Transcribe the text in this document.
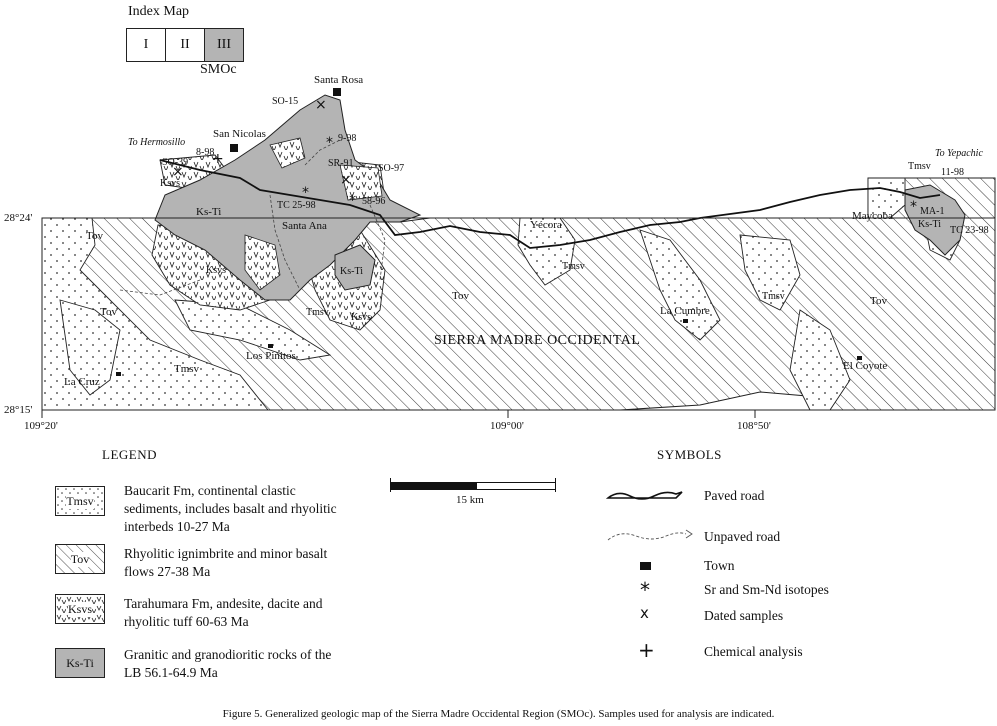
Index Map
I	II	III
SMOc
Santa Rosa
San Nicolas
Santa Ana	Yécora
La Cumbre
Los Pinitos
La Cruz
El Coyote
Maycoba
To Hermosillo
To Yepachic
SO-15
9-98
8-98
SO-39	SR-91 SO-97
TC 25-98	58-96
11-98
MA-1
TC 23-98
Ks-Ti
Ks-Ti
Ks-Ti
Ksvs
Ksvs
Ksvs
Tov
Tov
Tov	Tov
Tmsv
Tmsv
Tmsv
Tmsv
Tmsv
SIERRA MADRE OCCIDENTAL
28°24'
28°15'
109°20'	109°00'	108°50'
×
×	×
+
*
*	*	*
15 km
LEGEND
Tmsv
Baucarit Fm, continental clastic sediments, includes basalt and rhyolitic interbeds 10-27 Ma
Tov	Rhyolitic ignimbrite and minor basalt flows 27-38 Ma
Ksvs Tarahumara Fm, andesite, dacite and rhyolitic tuff 60-63 Ma
Ks-Ti
Granitic and granodioritic rocks of the LB 56.1-64.9 Ma
SYMBOLS
Paved road
Unpaved road
Town
*	Sr and Sm-Nd isotopes
x	Dated samples
+	Chemical analysis
Figure 5. Generalized geologic map of the Sierra Madre Occidental Region (SMOc). Samples used for analysis are indicated.
